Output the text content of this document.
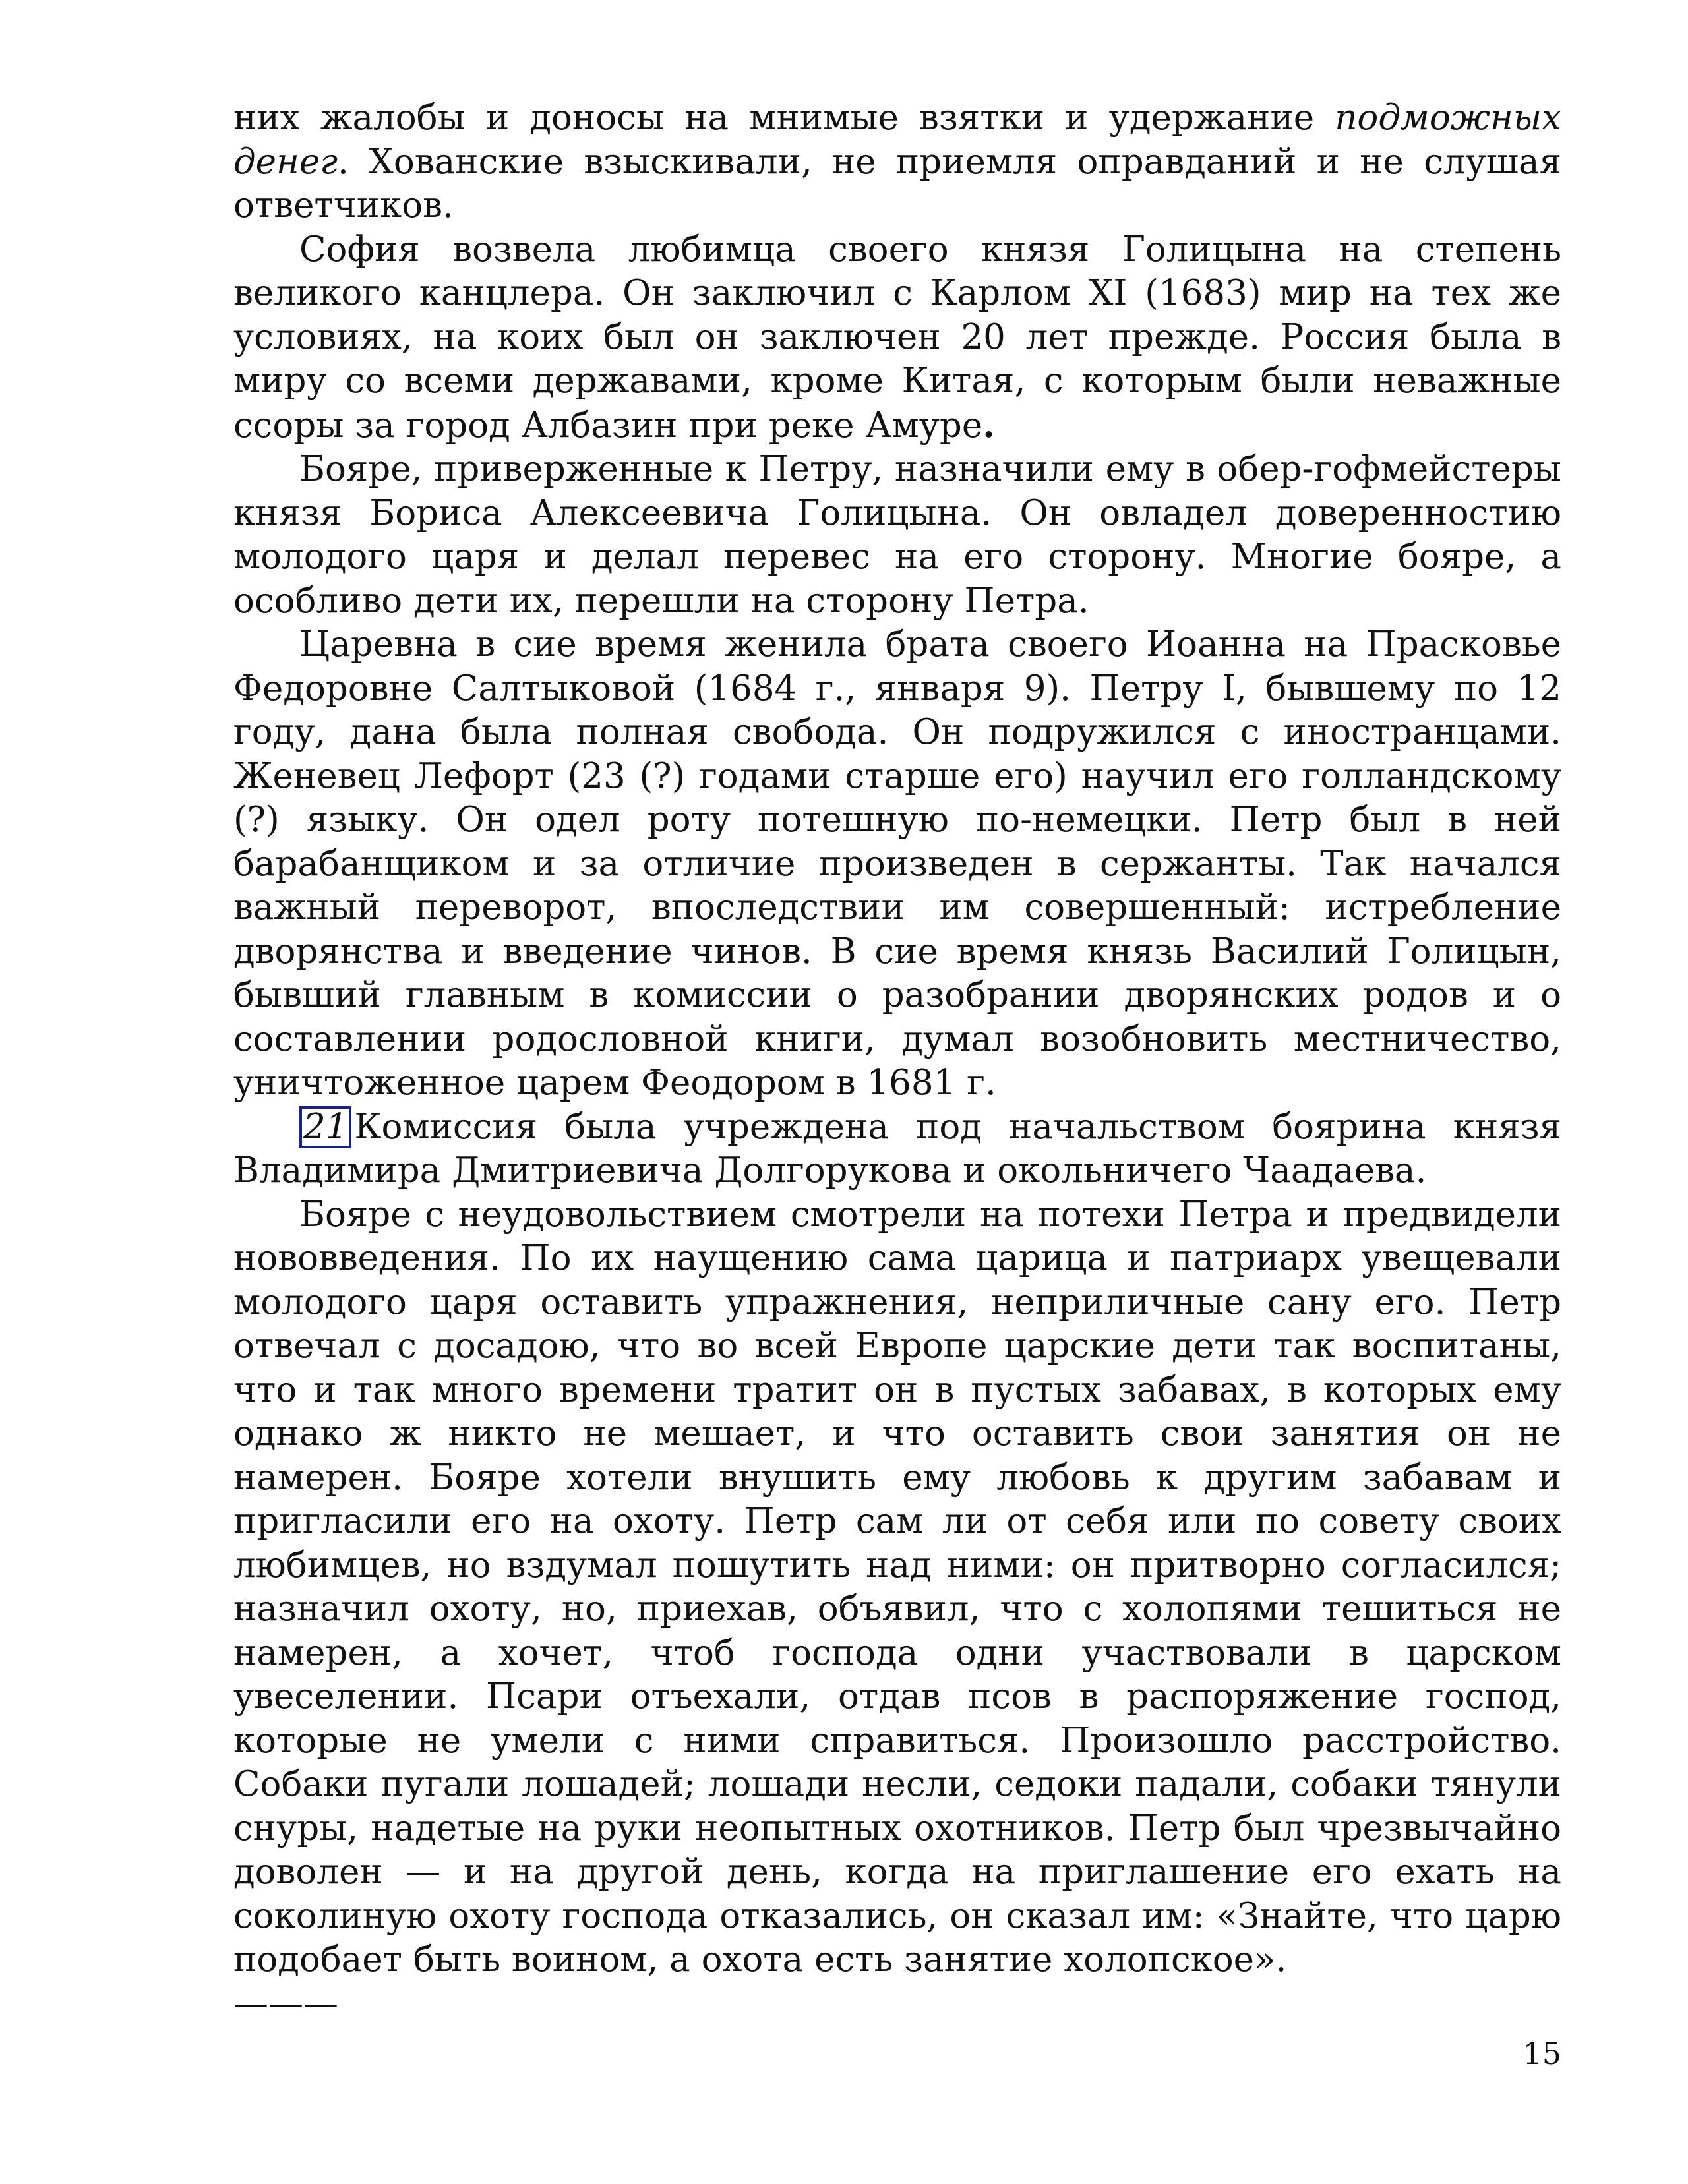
них жалобы и доносы на мнимые взятки и удержание подможных денег. Хованские взыскивали, не приемля оправданий и не слушая ответчиков.

София возвела любимца своего князя Голицына на степень великого канцлера. Он заключил с Карлом XI (1683) мир на тех же условиях, на коих был он заключен 20 лет прежде. Россия была в миру со всеми державами, кроме Китая, с которым были неважные ссоры за город Албазин при реке Амуре.

Бояре, приверженные к Петру, назначили ему в обер-гофмейстеры князя Бориса Алексеевича Голицына. Он овладел доверенностию молодого царя и делал перевес на его сторону. Многие бояре, а особливо дети их, перешли на сторону Петра.

Царевна в сие время женила брата своего Иоанна на Прасковье Федоровне Салтыковой (1684 г., января 9). Петру I, бывшему по 12 году, дана была полная свобода. Он подружился с иностранцами. Женевец Лефорт (23 (?) годами старше его) научил его голландскому (?) языку. Он одел роту потешную по-немецки. Петр был в ней барабанщиком и за отличие произведен в сержанты. Так начался важный переворот, впоследствии им совершенный: истребление дворянства и введение чинов. В сие время князь Василий Голицын, бывший главным в комиссии о разобрании дворянских родов и о составлении родословной книги, думал возобновить местничество, уничтоженное царем Феодором в 1681 г.

21 Комиссия была учреждена под начальством боярина князя Владимира Дмитриевича Долгорукова и окольничего Чаадаева.

Бояре с неудовольствием смотрели на потехи Петра и предвидели нововведения. По их наущению сама царица и патриарх увещевали молодого царя оставить упражнения, неприличные сану его. Петр отвечал с досадою, что во всей Европе царские дети так воспитаны, что и так много времени тратит он в пустых забавах, в которых ему однако ж никто не мешает, и что оставить свои занятия он не намерен. Бояре хотели внушить ему любовь к другим забавам и пригласили его на охоту. Петр сам ли от себя или по совету своих любимцев, но вздумал пошутить над ними: он притворно согласился; назначил охоту, но, приехав, объявил, что с холопями тешиться не намерен, а хочет, чтоб господа одни участвовали в царском увеселении. Псари отъехали, отдав псов в распоряжение господ, которые не умели с ними справиться. Произошло расстройство. Собаки пугали лошадей; лошади несли, седоки падали, собаки тянули снуры, надетые на руки неопытных охотников. Петр был чрезвычайно доволен — и на другой день, когда на приглашение его ехать на соколиную охоту господа отказались, он сказал им: «Знайте, что царю подобает быть воином, а охота есть занятие холопское».

———

15
